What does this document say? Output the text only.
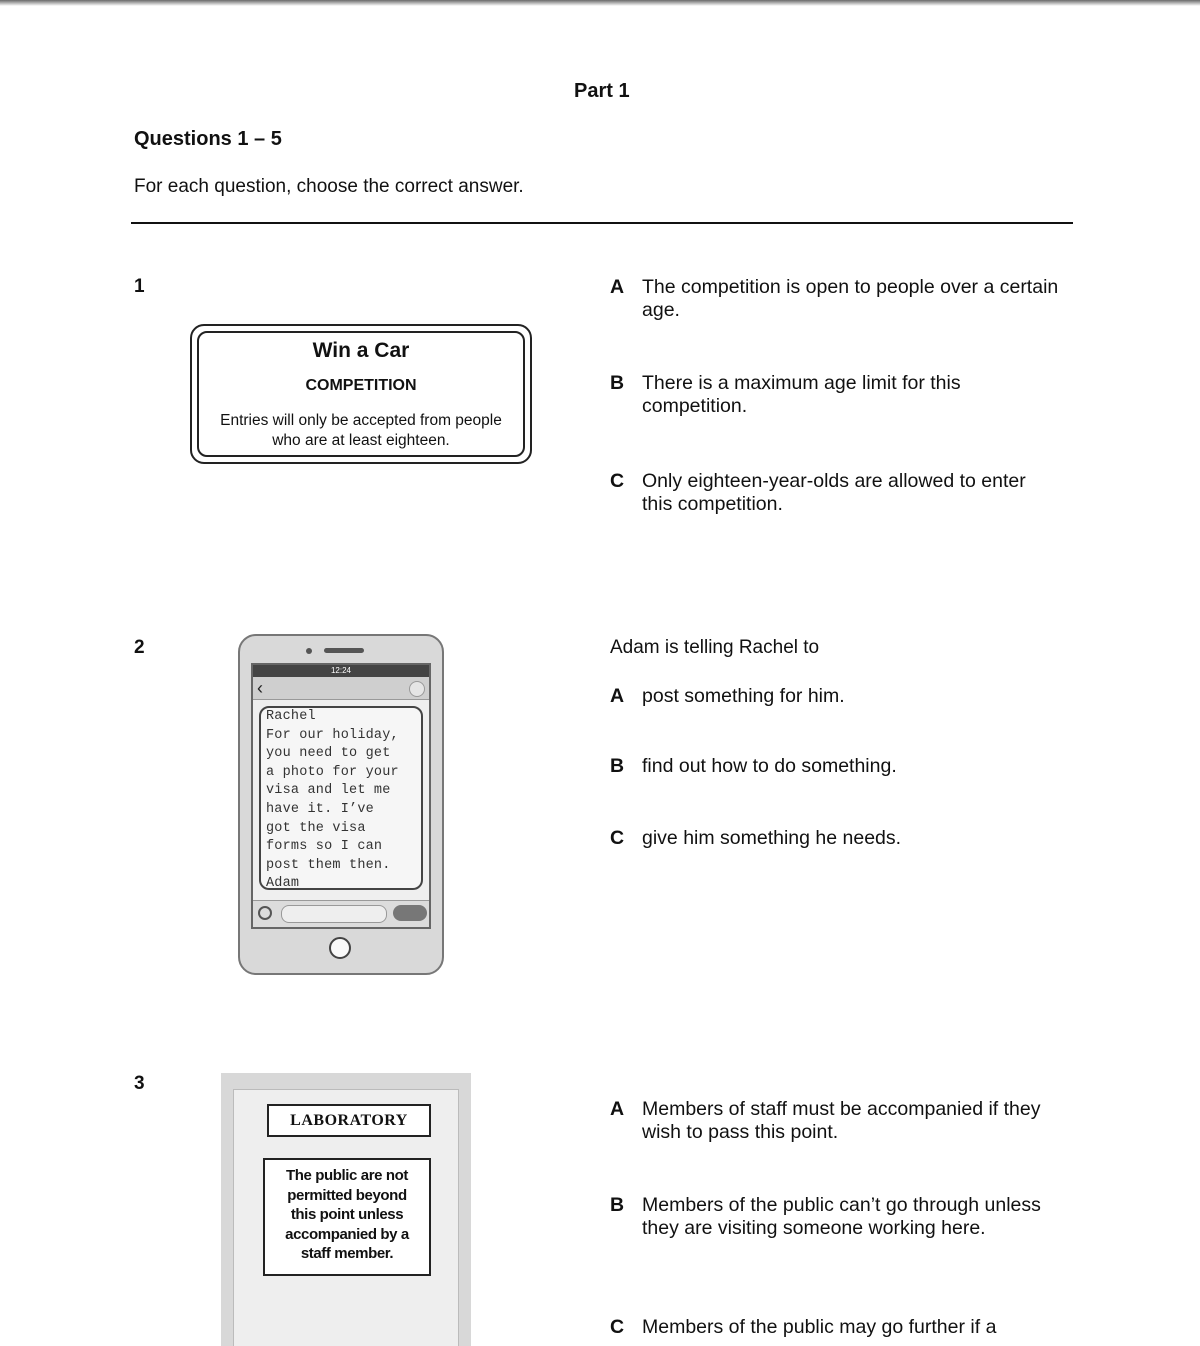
Part 1
Questions 1 – 5
For each question, choose the correct answer.
1
Win a Car
COMPETITION
Entries will only be accepted from people
who are at least eighteen.
A The competition is open to people over a certain age.
B There is a maximum age limit for this competition.
C Only eighteen-year-olds are allowed to enter this competition.
2
12:24
‹
Rachel
For our holiday,
you need to get
a photo for your
visa and let me
have it. I’ve
got the visa
forms so I can
post them then.
Adam
Adam is telling Rachel to
A post something for him.
B find out how to do something.
C give him something he needs.
3
LABORATORY
The public are not
permitted beyond
this point unless
accompanied by a
staff member.
A Members of staff must be accompanied if they wish to pass this point.
B Members of the public can’t go through unless they are visiting someone working here.
C Members of the public may go further if a
